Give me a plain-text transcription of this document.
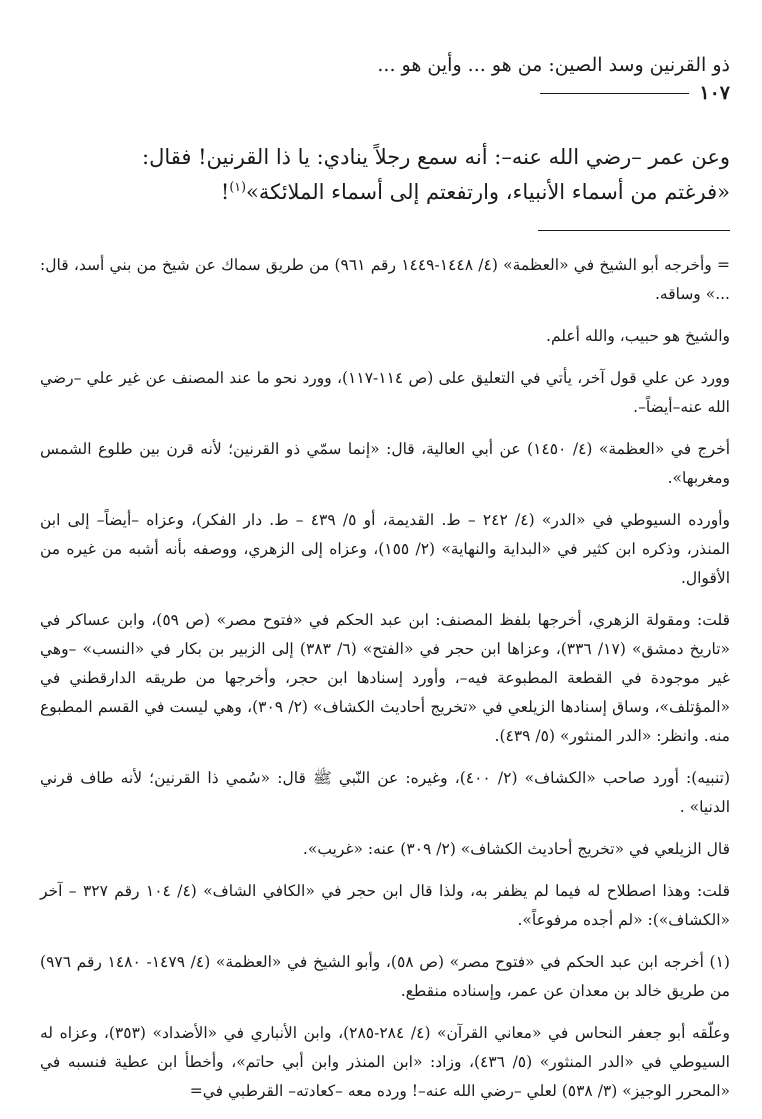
ذو القرنين وسد الصين: من هو ... وأين هو ...
١٠٧

وعن عمر –رضي الله عنه–: أنه سمع رجلاً ينادي: يا ذا القرنين! فقال:

«فرغتم من أسماء الأنبياء، وارتفعتم إلى أسماء الملائكة»$^{(١)}$!

= وأخرجه أبو الشيخ في «العظمة» (٤/ ١٤٤٨-١٤٤٩ رقم ٩٦١) من طريق سماك عن شيخ من بني أسد، قال: ...» وساقه.

والشيخ هو حبيب، والله أعلم.

وورد عن علي قول آخر، يأتي في التعليق على (ص ١١٤-١١٧)، وورد نحو ما عند المصنف عن غير علي –رضي الله عنه–أيضاً–.

أخرج في «العظمة» (٤/ ١٤٥٠) عن أبي العالية، قال: «إنما سمّي ذو القرنين؛ لأنه قرن بين طلوع الشمس ومغربها».

وأورده السيوطي في «الدر» (٤/ ٢٤٢ – ط. القديمة، أو ٥/ ٤٣٩ – ط. دار الفكر)، وعزاه –أيضاً– إلى ابن المنذر، وذكره ابن كثير في «البداية والنهاية» (٢/ ١٥٥)، وعزاه إلى الزهري، ووصفه بأنه أشبه من غيره من الأقوال.

قلت: ومقولة الزهري، أخرجها بلفظ المصنف: ابن عبد الحكم في «فتوح مصر» (ص ٥٩)، وابن عساكر في «تاريخ دمشق» (١٧/ ٣٣٦)، وعزاها ابن حجر في «الفتح» (٦/ ٣٨٣) إلى الزبير بن بكار في «النسب» –وهي غير موجودة في القطعة المطبوعة فيه–، وأورد إسنادها ابن حجر، وأخرجها من طريقه الدارقطني في «المؤتلف»، وساق إسنادها الزيلعي في «تخريج أحاديث الكشاف» (٢/ ٣٠٩)، وهي ليست في القسم المطبوع منه. وانظر: «الدر المنثور» (٥/ ٤٣٩).

(تنبيه): أورد صاحب «الكشاف» (٢/ ٤٠٠)، وغيره: عن النّبي ﷺ قال: «سُمي ذا القرنين؛ لأنه طاف قرني الدنيا» .

قال الزيلعي في «تخريج أحاديث الكشاف» (٢/ ٣٠٩) عنه: «غريب».

قلت: وهذا اصطلاح له فيما لم يظفر به، ولذا قال ابن حجر في «الكافي الشاف» (٤/ ١٠٤ رقم ٣٢٧ – آخر «الكشاف»): «لم أجده مرفوعاً».

(١) أخرجه ابن عبد الحكم في «فتوح مصر» (ص ٥٨)، وأبو الشيخ في «العظمة» (٤/ ١٤٧٩- ١٤٨٠ رقم ٩٧٦) من طريق خالد بن معدان عن عمر، وإسناده منقطع.

وعلّقه أبو جعفر النحاس في «معاني القرآن» (٤/ ٢٨٤-٢٨٥)، وابن الأنباري في «الأضداد» (٣٥٣)، وعزاه له السيوطي في «الدر المنثور» (٥/ ٤٣٦)، وزاد: «ابن المنذر وابن أبي حاتم»، وأخطأ ابن عطية فنسبه في «المحرر الوجيز» (٣/ ٥٣٨) لعلي –رضي الله عنه–! ورده معه –كعادته– القرطبي في=
